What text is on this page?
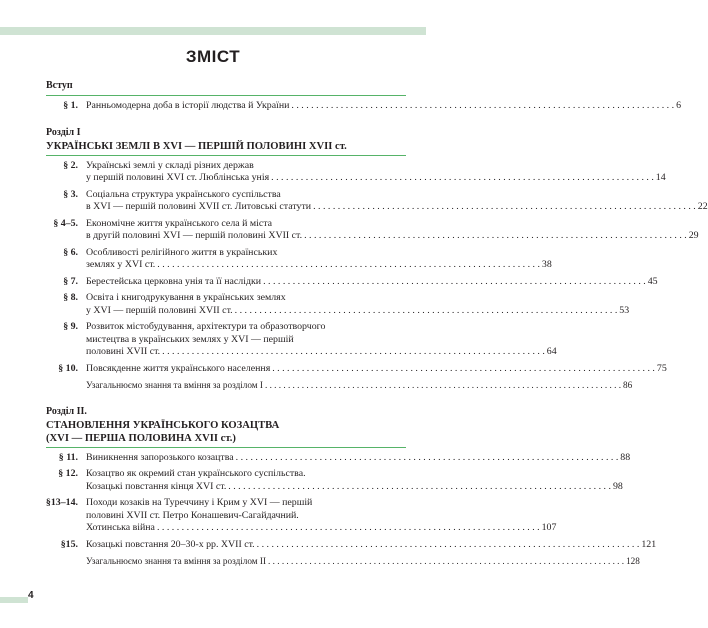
ЗМІСТ
Вступ
§ 1. Ранньомодерна доба в історії людства й України . . .	6
Розділ І
УКРАЇНСЬКІ ЗЕМЛІ В XVI — ПЕРШІЙ ПОЛОВИНІ XVII ст.
§ 2. Українські землі у складі різних держав
у першій половині XVI ст. Люблінська унія . . .	14
§ 3. Соціальна структура українського суспільства
в XVI — першій половині XVII ст. Литовські статути . . .	22
§ 4–5. Економічне життя українського села й міста
в другій половині XVI — першій половині XVII ст. . . .	29
§ 6. Особливості релігійного життя в українських
землях у XVI ст. . . .	38
§ 7. Берестейська церковна унія та її наслідки . . .	45
§ 8. Освіта і книгодрукування в українських землях
у XVI — першій половині XVII ст. . . .	53
§ 9. Розвиток містобудування, архітектури та образотворчого
мистецтва в українських землях у XVI — першій
половині XVII ст. . . .	64
§ 10. Повсякденне життя українського населення . . .	75
Узагальнюємо знання та вміння за розділом І . . .	86
Розділ ІІ.
СТАНОВЛЕННЯ УКРАЇНСЬКОГО КОЗАЦТВА
(XVI — ПЕРША ПОЛОВИНА XVII ст.)
§ 11. Виникнення запорозького козацтва . . .	88
§ 12. Козацтво як окремий стан українського суспільства.
Козацькі повстання кінця XVI ст. . . .	98
§13–14. Походи козаків на Туреччину і Крим у XVI — першій
половині XVII ст. Петро Конашевич-Сагайдачний.
Хотинська війна . . .	107
§15. Козацькі повстання 20–30-х рр. XVII ст. . . .	121
Узагальнюємо знання та вміння за розділом ІІ . . .	128
4
